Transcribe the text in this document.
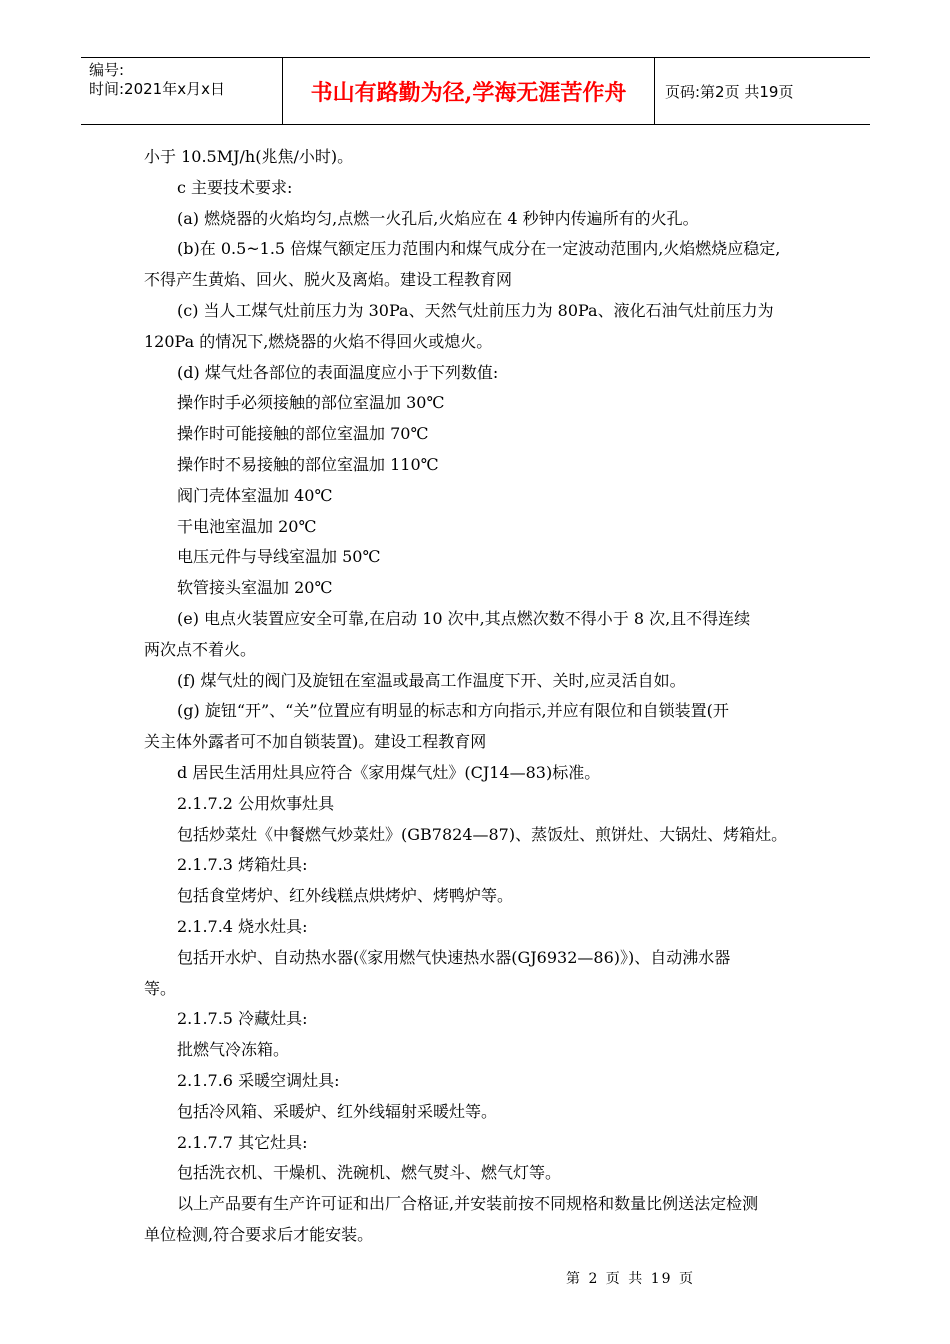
编号:
时间:2021年x月x日	书山有路勤为径,学海无涯苦作舟	页码:第2页 共19页

小于 10.5MJ/h(兆焦/小时)。

c 主要技术要求:

(a) 燃烧器的火焰均匀,点燃一火孔后,火焰应在 4 秒钟内传遍所有的火孔。

(b)在 0.5~1.5 倍煤气额定压力范围内和煤气成分在一定波动范围内,火焰燃烧应稳定,

不得产生黄焰、回火、脱火及离焰。建设工程教育网

(c) 当人工煤气灶前压力为 30Pa、天然气灶前压力为 80Pa、液化石油气灶前压力为

120Pa 的情况下,燃烧器的火焰不得回火或熄火。

(d) 煤气灶各部位的表面温度应小于下列数值:

操作时手必须接触的部位室温加 30℃

操作时可能接触的部位室温加 70℃

操作时不易接触的部位室温加 110℃

阀门壳体室温加 40℃

干电池室温加 20℃

电压元件与导线室温加 50℃

软管接头室温加 20℃

(e) 电点火装置应安全可靠,在启动 10 次中,其点燃次数不得小于 8 次,且不得连续

两次点不着火。

(f) 煤气灶的阀门及旋钮在室温或最高工作温度下开、关时,应灵活自如。

(g) 旋钮“开”、“关”位置应有明显的标志和方向指示,并应有限位和自锁装置(开

关主体外露者可不加自锁装置)。建设工程教育网

d 居民生活用灶具应符合《家用煤气灶》(CJ14—83)标准。

2.1.7.2 公用炊事灶具

包括炒菜灶《中餐燃气炒菜灶》(GB7824—87)、蒸饭灶、煎饼灶、大锅灶、烤箱灶。

2.1.7.3 烤箱灶具:

包括食堂烤炉、红外线糕点烘烤炉、烤鸭炉等。

2.1.7.4 烧水灶具:

包括开水炉、自动热水器(《家用燃气快速热水器(GJ6932—86)》)、自动沸水器

等。

2.1.7.5 冷藏灶具:

批燃气冷冻箱。

2.1.7.6 采暖空调灶具:

包括冷风箱、采暖炉、红外线辐射采暖灶等。

2.1.7.7 其它灶具:

包括洗衣机、干燥机、洗碗机、燃气熨斗、燃气灯等。

以上产品要有生产许可证和出厂合格证,并安装前按不同规格和数量比例送法定检测

单位检测,符合要求后才能安装。

第 2 页 共 19 页
